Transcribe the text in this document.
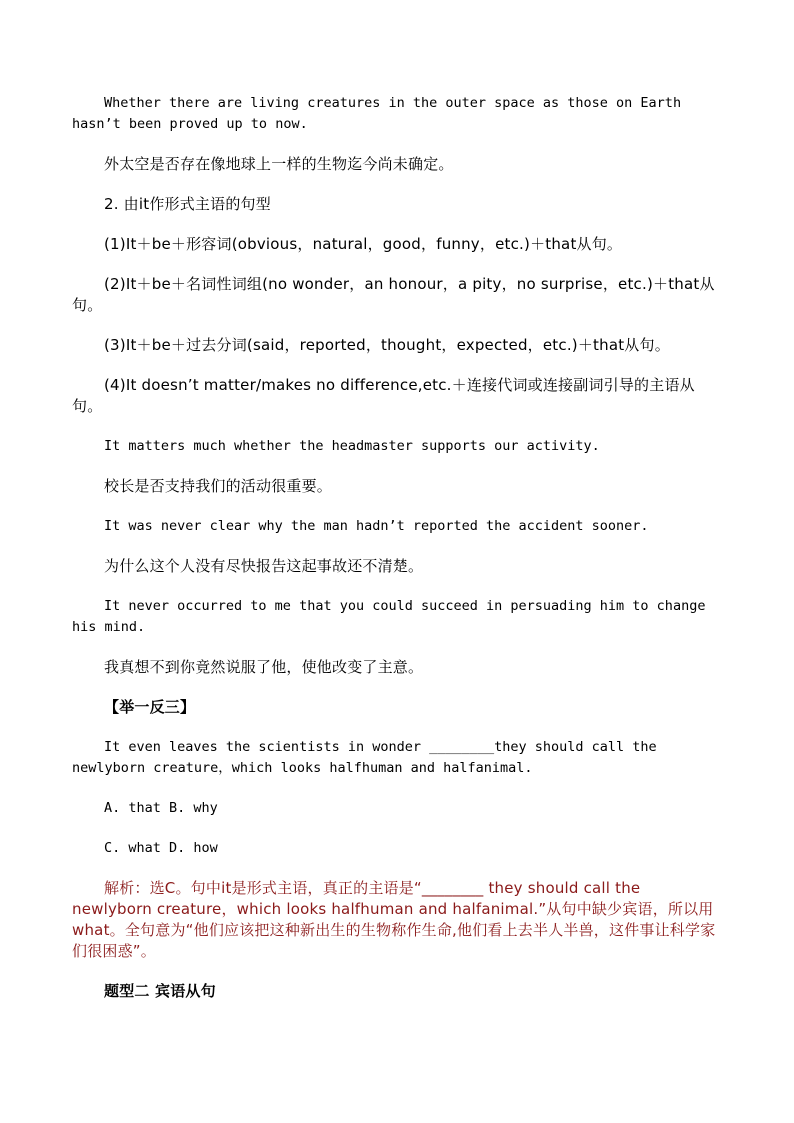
Whether there are living creatures in the outer space as those on Earth hasn’t been proved up to now.

外太空是否存在像地球上一样的生物迄今尚未确定。

2. 由it作形式主语的句型

(1)It＋be＋形容词(obvious，natural，good，funny，etc.)＋that从句。

(2)It＋be＋名词性词组(no wonder，an honour，a pity，no surprise，etc.)＋that从句。

(3)It＋be＋过去分词(said，reported，thought，expected，etc.)＋that从句。

(4)It doesn’t matter/makes no difference,etc.＋连接代词或连接副词引导的主语从句。

It matters much whether the headmaster supports our activity.

校长是否支持我们的活动很重要。

It was never clear why the man hadn’t reported the accident sooner.

为什么这个人没有尽快报告这起事故还不清楚。

It never occurred to me that you could succeed in persuading him to change his mind.

我真想不到你竟然说服了他，使他改变了主意。

【举一反三】

It even leaves the scientists in wonder ________they should call the newlyborn creature，which looks halfhuman and halfanimal.

A. that B. why

C. what D. how

解析：选C。句中it是形式主语，真正的主语是“________ they should call the newlyborn creature，which looks halfhuman and halfanimal.”从句中缺少宾语，所以用what。全句意为“他们应该把这种新出生的生物称作生命,他们看上去半人半兽，这件事让科学家们很困惑”。

题型二 宾语从句
